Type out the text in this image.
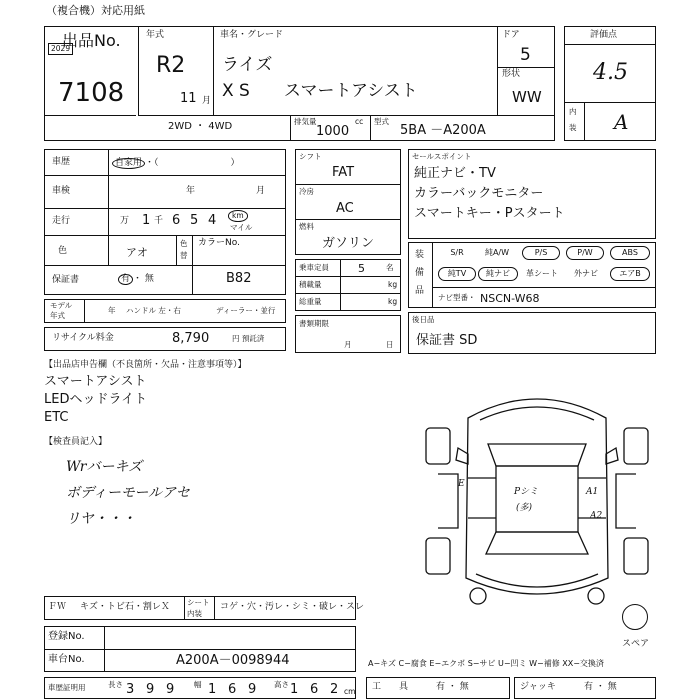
（複合機）対応用紙
出品No.
2029
7108
年式
R2
11 月
車名・グレード
ライズ
X S　　スマートアシスト
ドア
5
形状
WW
2WD ・ 4WD	排気量	cc
1000
型式
5BA －A200A
評価点
4.5
内
装 A
車歴	自家用 ・（　　　　　　　　）
車検	年	月
走行	万 1 千 6 5 4	km
マイル
色	アオ
色
替
カラーNo.
保証書	有 ・ 無	B82
モデル
年式
年 ハンドル 左・右	ディーラー・並行
リサイクル料金	8,790	円 預託済
シフト
FAT
冷房
AC
燃料
ガソリン
乗車定員	5	名
積載量	kg
総重量	kg
書類期限
月	日
セールスポイント
純正ナビ・TV
カラーバックモニター
スマートキー・Pスタート
装
備
品
S/R	純A/W	P/S	P/W	ABS
純TV	純ナビ	革シート	外ナビ	エアB
ナビ型番・ NSCN-W68
後日品
保証書 SD
【出品店申告欄（不良箇所・欠品・注意事項等）】
スマートアシスト
LEDヘッドライト
ETC
【検査員記入】
Wrバーキズ
ボディーモールアセ
リヤ・・・
E
Pシミ
(多)
A1
A2
スペア
ＦＷ キズ・トビ石・割レＸ シート
内装
コゲ・穴・汚レ・シミ・破レ・スレ
登録No.
車台No.	A200A－0098944	A−キズ C−腐食 E−エクボ S−サビ U−凹ミ W−補修 XX−交換済
車歴証明用	長さ 3 9 9	幅 1 6 9 高さ 1 6 2 cm 工　　具	有 ・ 無	ジャッキ	有 ・ 無
